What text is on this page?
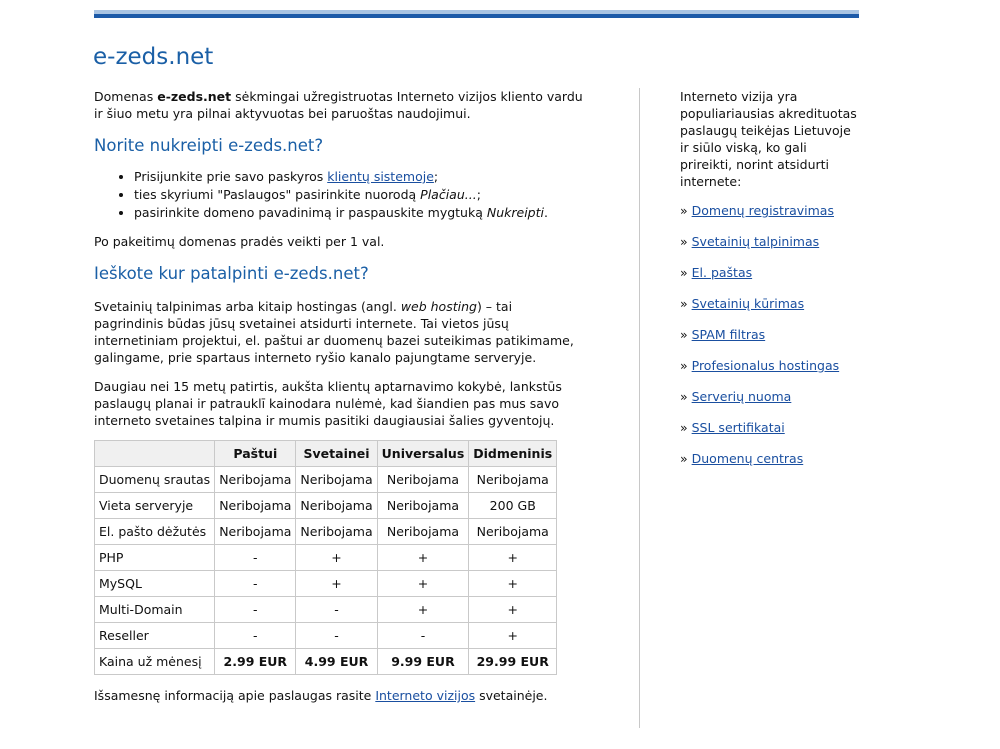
e-zeds.net

Domenas e-zeds.net sėkmingai užregistruotas Interneto vizijos kliento vardu ir šiuo metu yra pilnai aktyvuotas bei paruoštas naudojimui.

Norite nukreipti e-zeds.net?
• Prisijunkite prie savo paskyros klientų sistemoje;
• ties skyriumi "Paslaugos" pasirinkite nuorodą Plačiau...;
• pasirinkite domeno pavadinimą ir paspauskite mygtuką Nukreipti.

Po pakeitimų domenas pradės veikti per 1 val.

Ieškote kur patalpinti e-zeds.net?

Svetainių talpinimas arba kitaip hostingas (angl. web hosting) – tai pagrindinis būdas jūsų svetainei atsidurti internete. Tai vietos jūsų internetiniam projektui, el. paštui ar duomenų bazei suteikimas patikimame, galingame, prie spartaus interneto ryšio kanalo pajungtame serveryje.

Daugiau nei 15 metų patirtis, aukšta klientų aptarnavimo kokybė, lankstūs paslaugų planai ir patrauklī kainodara nulėmė, kad šiandien pas mus savo interneto svetaines talpina ir mumis pasitiki daugiausiai šalies gyventojų.

	Paštui	Svetainei	Universalus	Didmeninis
Duomenų srautas	Neribojama	Neribojama	Neribojama	Neribojama
Vieta serveryje	Neribojama	Neribojama	Neribojama	200 GB
El. pašto dėžutės	Neribojama	Neribojama	Neribojama	Neribojama
PHP	-	+	+	+
MySQL	-	+	+	+
Multi-Domain	-	-	+	+
Reseller	-	-	-	+
Kaina už mėnesį	2.99 EUR	4.99 EUR	9.99 EUR	29.99 EUR

Išsamesnę informaciją apie paslaugas rasite Interneto vizijos svetainėje.

Interneto vizija yra populiariausias akredituotas paslaugų teikėjas Lietuvoje ir siūlo viską, ko gali prireikti, norint atsidurti internete:

» Domenų registravimas
» Svetainių talpinimas
» El. paštas
» Svetainių kūrimas
» SPAM filtras
» Profesionalus hostingas
» Serverių nuoma
» SSL sertifikatai
» Duomenų centras
